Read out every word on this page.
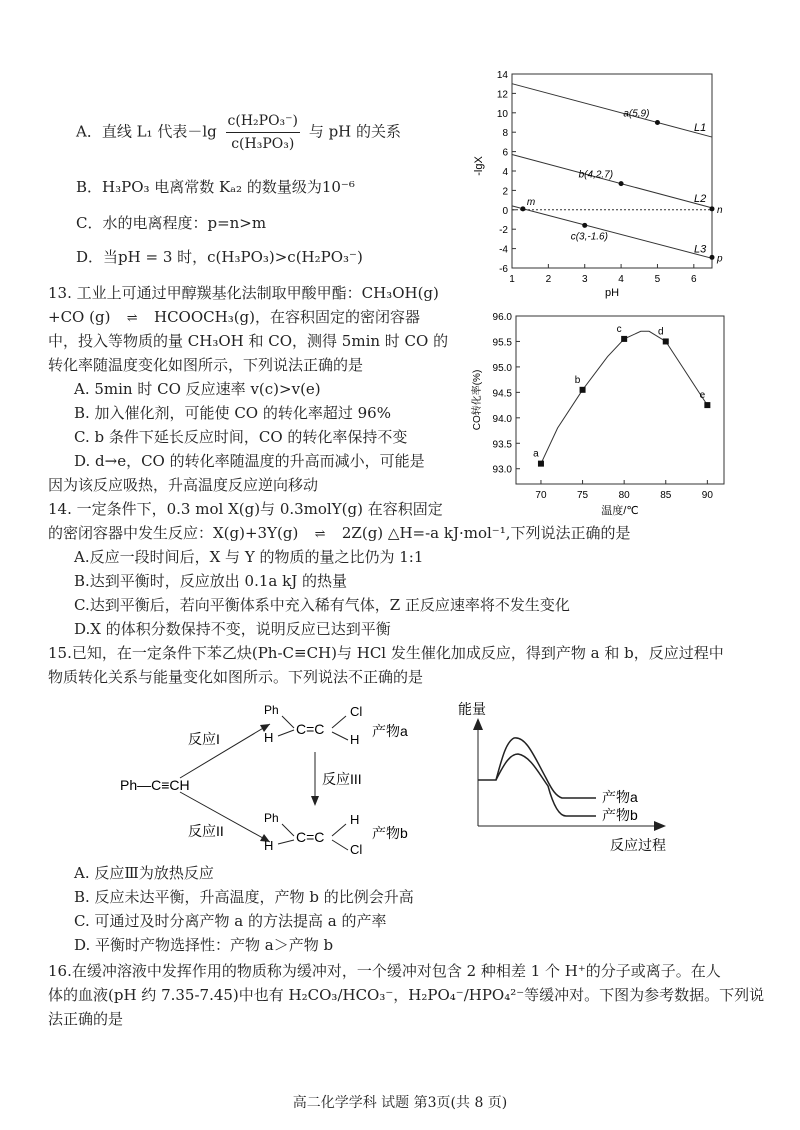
A．直线 L₁ 代表$-\lg \frac{\text{c(H₂PO₃⁻)}}{\text{c(H₃PO₃)}}$ 与 pH 的关系
B．H₃PO₃ 电离常数 Kₐ₂ 的数量级为10⁻⁶
C．水的电离程度：p=n>m
D．当pH = 3 时，c(H₃PO₃)>c(H₂PO₃⁻)
-6
-4
-2
0
2
4
6
8
10
12
14
1	2	3	4	5	6
L1
L2
L3
a(5,9)
b(4,2.7)
c(3,-1.6)
m
n
p
-lgX
pH
13. 工业上可通过甲醇羰基化法制取甲酸甲酯：CH₃OH(g)
+CO (g) ⇌ HCOOCH₃(g)，在容积固定的密闭容器
中，投入等物质的量 CH₃OH 和 CO，测得 5min 时 CO 的
转化率随温度变化如图所示，下列说法正确的是
A. 5min 时 CO 反应速率 v(c)>v(e)
B. 加入催化剂，可能使 CO 的转化率超过 96%
C. b 条件下延长反应时间，CO 的转化率保持不变
D. d→e，CO 的转化率随温度的升高而减小，可能是
因为该反应吸热，升高温度反应逆向移动
93.0
93.5
94.0
94.5
95.0
95.5
96.0
70	75	80	85	90
a
b
c	d
e
CO转化率(%)
温度/℃
14. 一定条件下，0.3 mol X(g)与 0.3molY(g) 在容积固定
的密闭容器中发生反应：X(g)+3Y(g) ⇌ 2Z(g) △H=-a kJ·mol⁻¹,下列说法正确的是
A.反应一段时间后，X 与 Y 的物质的量之比仍为 1:1
B.达到平衡时，反应放出 0.1a kJ 的热量
C.达到平衡后，若向平衡体系中充入稀有气体，Z 正反应速率将不发生变化
D.X 的体积分数保持不变，说明反应已达到平衡
15.已知，在一定条件下苯乙炔(Ph-C≡CH)与 HCl 发生催化加成反应，得到产物 a 和 b，反应过程中
物质转化关系与能量变化如图所示。下列说法不正确的是
Ph—C≡CH
反应I
反应II
Ph
H
C=C
Cl
H
产物a
反应III
Ph
H
C=C
H
Cl
产物b
能量
反应过程
产物a
产物b
A. 反应Ⅲ为放热反应
B. 反应未达平衡，升高温度，产物 b 的比例会升高
C. 可通过及时分离产物 a 的方法提高 a 的产率
D. 平衡时产物选择性：产物 a＞产物 b
16.在缓冲溶液中发挥作用的物质称为缓冲对，一个缓冲对包含 2 种相差 1 个 H⁺的分子或离子。在人
体的血液(pH 约 7.35-7.45)中也有 H₂CO₃/HCO₃⁻，H₂PO₄⁻/HPO₄²⁻等缓冲对。下图为参考数据。下列说
法正确的是
高二化学学科 试题 第3页(共 8 页)
